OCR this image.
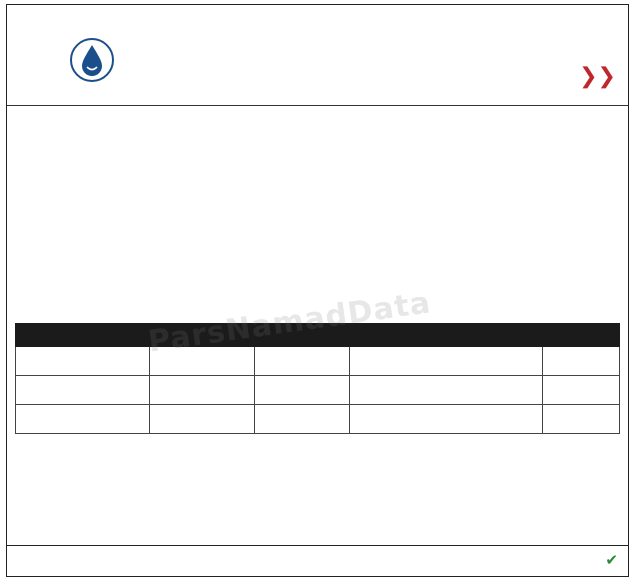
❮❮

ParsNamadData

✔
